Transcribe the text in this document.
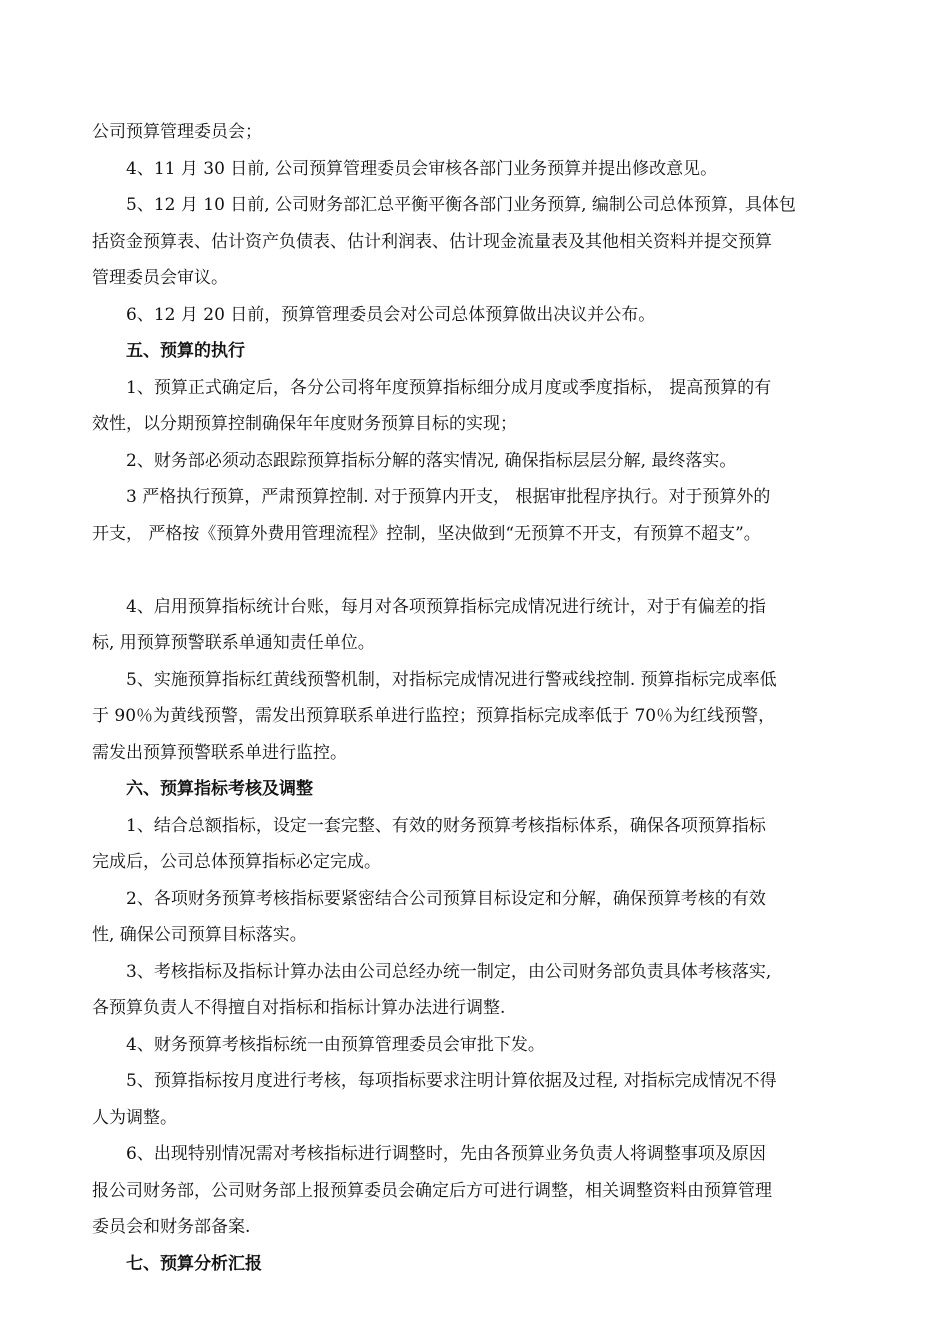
公司预算管理委员会；
4、11 月 30 日前, 公司预算管理委员会审核各部门业务预算并提出修改意见。
5、12 月 10 日前, 公司财务部汇总平衡平衡各部门业务预算, 编制公司总体预算，具体包
括资金预算表、估计资产负债表、估计利润表、估计现金流量表及其他相关资料并提交预算
管理委员会审议。
6、12 月 20 日前，预算管理委员会对公司总体预算做出决议并公布。
五、预算的执行
1、预算正式确定后，各分公司将年度预算指标细分成月度或季度指标， 提高预算的有
效性，以分期预算控制确保年年度财务预算目标的实现；
2、财务部必须动态跟踪预算指标分解的落实情况, 确保指标层层分解, 最终落实。
3 严格执行预算，严肃预算控制. 对于预算内开支， 根据审批程序执行。对于预算外的
开支， 严格按《预算外费用管理流程》控制，坚决做到“无预算不开支，有预算不超支”。
4、启用预算指标统计台账，每月对各项预算指标完成情况进行统计，对于有偏差的指
标, 用预算预警联系单通知责任单位。
5、实施预算指标红黄线预警机制，对指标完成情况进行警戒线控制. 预算指标完成率低
于 90％为黄线预警，需发出预算联系单进行监控；预算指标完成率低于 70％为红线预警，
需发出预算预警联系单进行监控。
六、预算指标考核及调整
1、结合总额指标，设定一套完整、有效的财务预算考核指标体系，确保各项预算指标
完成后，公司总体预算指标必定完成。
2、各项财务预算考核指标要紧密结合公司预算目标设定和分解，确保预算考核的有效
性, 确保公司预算目标落实。
3、考核指标及指标计算办法由公司总经办统一制定，由公司财务部负责具体考核落实,
各预算负责人不得擅自对指标和指标计算办法进行调整.
4、财务预算考核指标统一由预算管理委员会审批下发。
5、预算指标按月度进行考核，每项指标要求注明计算依据及过程, 对指标完成情况不得
人为调整。
6、出现特别情况需对考核指标进行调整时，先由各预算业务负责人将调整事项及原因
报公司财务部，公司财务部上报预算委员会确定后方可进行调整，相关调整资料由预算管理
委员会和财务部备案.
七、预算分析汇报
